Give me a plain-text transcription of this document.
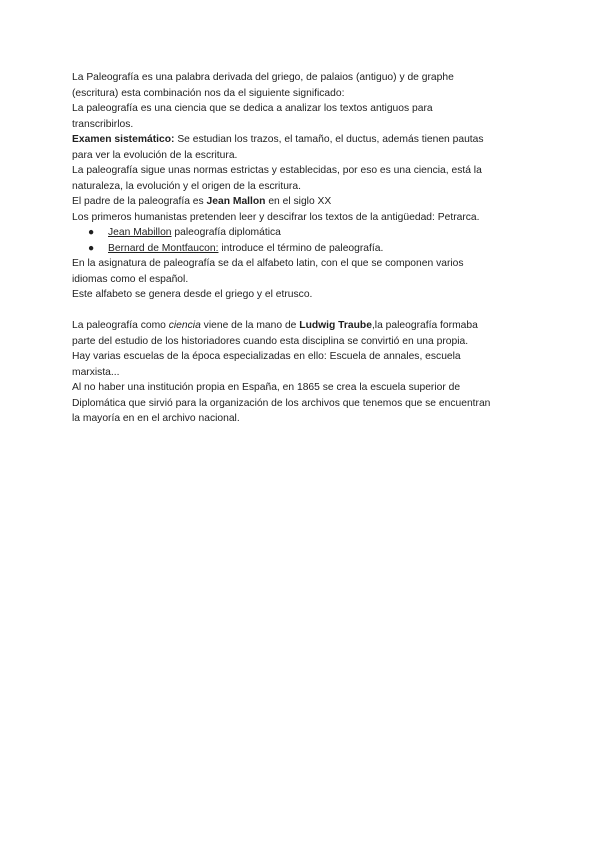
La Paleografía es una palabra derivada del griego, de palaios (antiguo) y de graphe
(escritura) esta combinación nos da el siguiente significado:
La paleografía es una ciencia que se dedica a analizar los textos antiguos para
transcribirlos.
Examen sistemático: Se estudian los trazos, el tamaño, el ductus, además tienen pautas
para ver la evolución de la escritura.
La paleografía sigue unas normas estrictas y establecidas, por eso es una ciencia, está la
naturaleza, la evolución y el origen de la escritura.
El padre de la paleografía es Jean Mallon en el siglo XX
Los primeros humanistas pretenden leer y descifrar los textos de la antigüedad: Petrarca.
● Jean Mabillon paleografía diplomática
● Bernard de Montfaucon: introduce el término de paleografía.
En la asignatura de paleografía se da el alfabeto latin, con el que se componen varios
idiomas como el español.
Este alfabeto se genera desde el griego y el etrusco.
La paleografía como ciencia viene de la mano de Ludwig Traube,la paleografía formaba
parte del estudio de los historiadores cuando esta disciplina se convirtió en una propia.
Hay varias escuelas de la época especializadas en ello: Escuela de annales, escuela
marxista...
Al no haber una institución propia en España, en 1865 se crea la escuela superior de
Diplomática que sirvió para la organización de los archivos que tenemos que se encuentran
la mayoría en en el archivo nacional.
